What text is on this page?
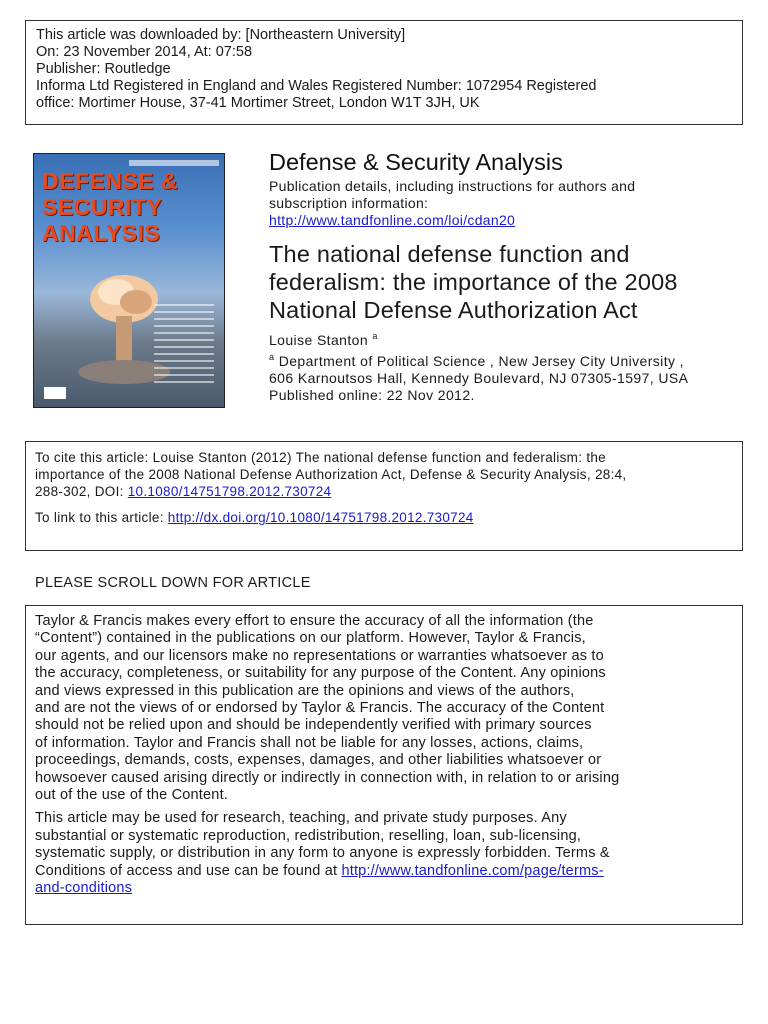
This article was downloaded by: [Northeastern University]
On: 23 November 2014, At: 07:58
Publisher: Routledge
Informa Ltd Registered in England and Wales Registered Number: 1072954 Registered
office: Mortimer House, 37-41 Mortimer Street, London W1T 3JH, UK
DEFENSE &
SECURITY
ANALYSIS
Defense & Security Analysis
Publication details, including instructions for authors and
subscription information:
http://www.tandfonline.com/loi/cdan20
The national defense function and
federalism: the importance of the 2008
National Defense Authorization Act
Louise Stanton $^a$
$^a$ Department of Political Science , New Jersey City University ,
606 Karnoutsos Hall, Kennedy Boulevard, NJ 07305-1597, USA
Published online: 22 Nov 2012.
To cite this article: Louise Stanton (2012) The national defense function and federalism: the
importance of the 2008 National Defense Authorization Act, Defense & Security Analysis, 28:4,
288-302, DOI: 10.1080/14751798.2012.730724
To link to this article: http://dx.doi.org/10.1080/14751798.2012.730724
PLEASE SCROLL DOWN FOR ARTICLE
Taylor & Francis makes every effort to ensure the accuracy of all the information (the
“Content”) contained in the publications on our platform. However, Taylor & Francis,
our agents, and our licensors make no representations or warranties whatsoever as to
the accuracy, completeness, or suitability for any purpose of the Content. Any opinions
and views expressed in this publication are the opinions and views of the authors,
and are not the views of or endorsed by Taylor & Francis. The accuracy of the Content
should not be relied upon and should be independently verified with primary sources
of information. Taylor and Francis shall not be liable for any losses, actions, claims,
proceedings, demands, costs, expenses, damages, and other liabilities whatsoever or
howsoever caused arising directly or indirectly in connection with, in relation to or arising
out of the use of the Content.
This article may be used for research, teaching, and private study purposes. Any
substantial or systematic reproduction, redistribution, reselling, loan, sub-licensing,
systematic supply, or distribution in any form to anyone is expressly forbidden. Terms &
Conditions of access and use can be found at http://www.tandfonline.com/page/terms-
and-conditions
